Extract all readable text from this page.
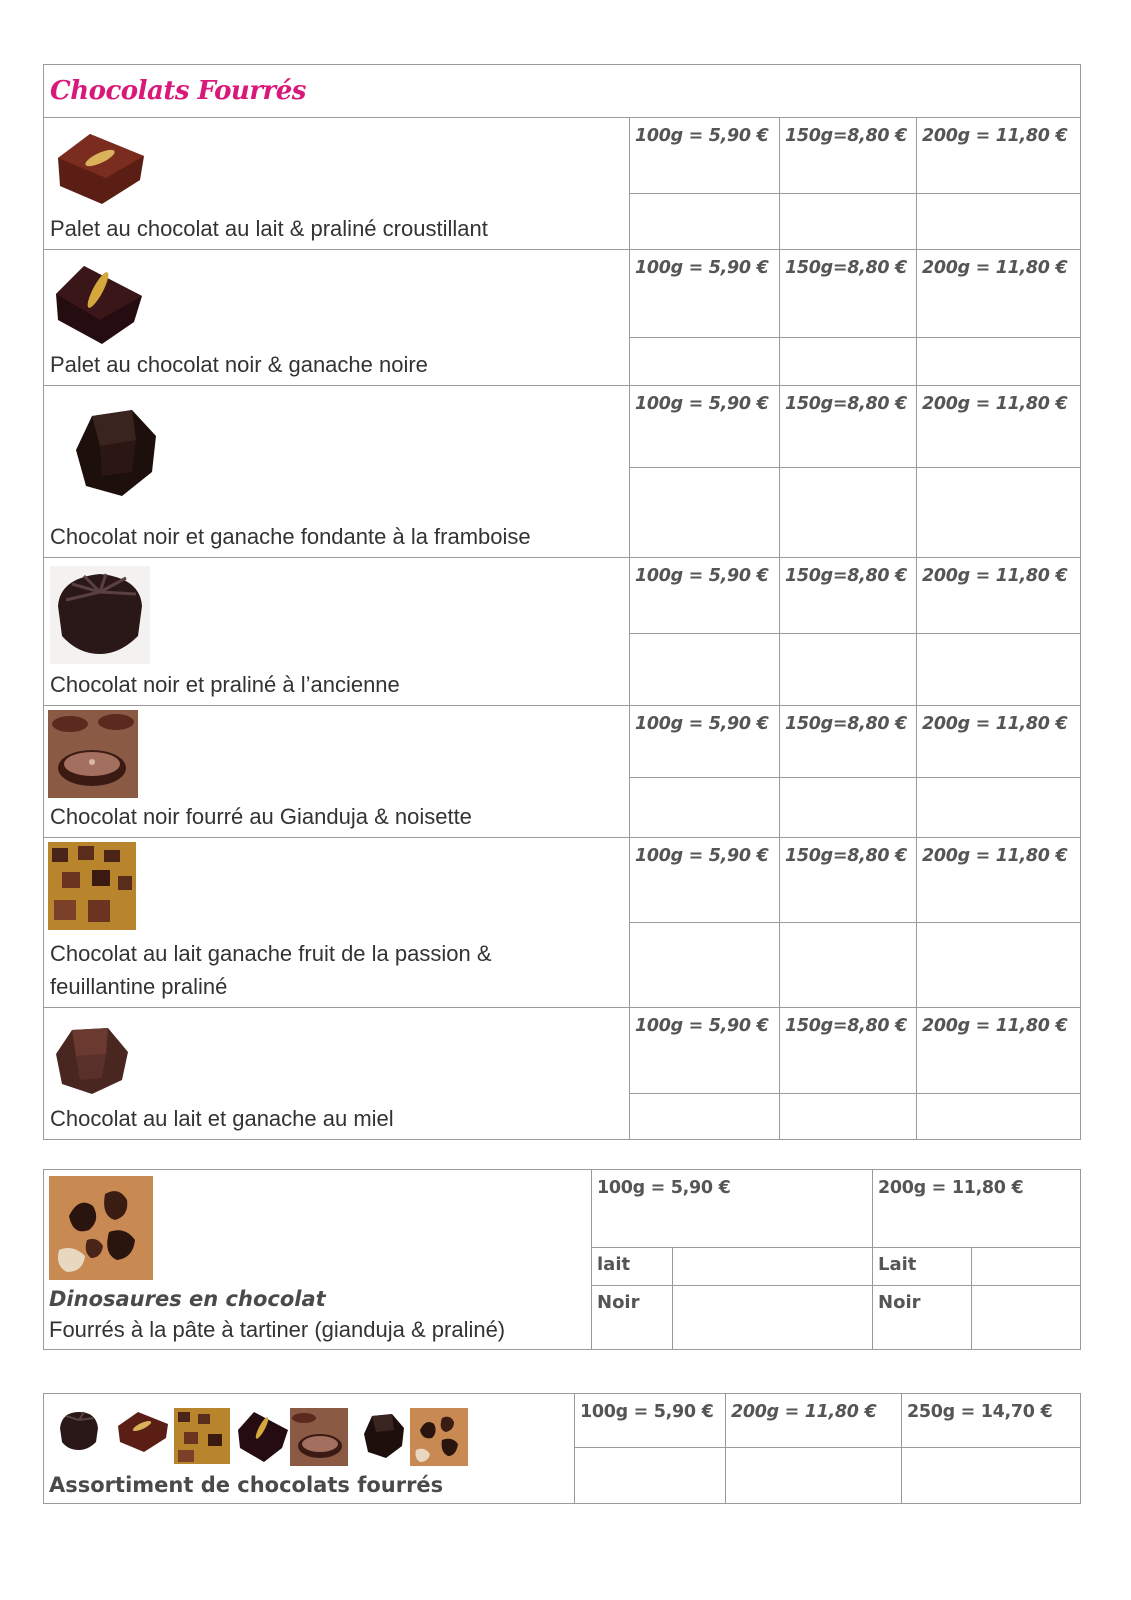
Chocolats Fourrés			

Palet au chocolat au lait & praliné croustillant	100g = 5,90 €	150g=8,80 €	200g = 11,80 €

Palet au chocolat noir & ganache noire	100g = 5,90 €	150g=8,80 €	200g = 11,80 €

Chocolat noir et ganache fondante à la framboise	100g = 5,90 €	150g=8,80 €	200g = 11,80 €

Chocolat noir et praliné à l’ancienne	100g = 5,90 €	150g=8,80 €	200g = 11,80 €

Chocolat noir fourré au Gianduja & noisette	100g = 5,90 €	150g=8,80 €	200g = 11,80 €

Chocolat au lait ganache fruit de la passion &
feuillantine praliné	100g = 5,90 €	150g=8,80 €	200g = 11,80 €

Chocolat au lait et ganache au miel	100g = 5,90 €	150g=8,80 €	200g = 11,80 €

Dinosaures en chocolat
Fourrés à la pâte à tartiner (gianduja & praliné)	100g = 5,90 €		200g = 11,80 €	

	lait		Lait	

	Noir		Noir	

Assortiment de chocolats fourrés	100g = 5,90 €	200g = 11,80 €	250g = 14,70 €
